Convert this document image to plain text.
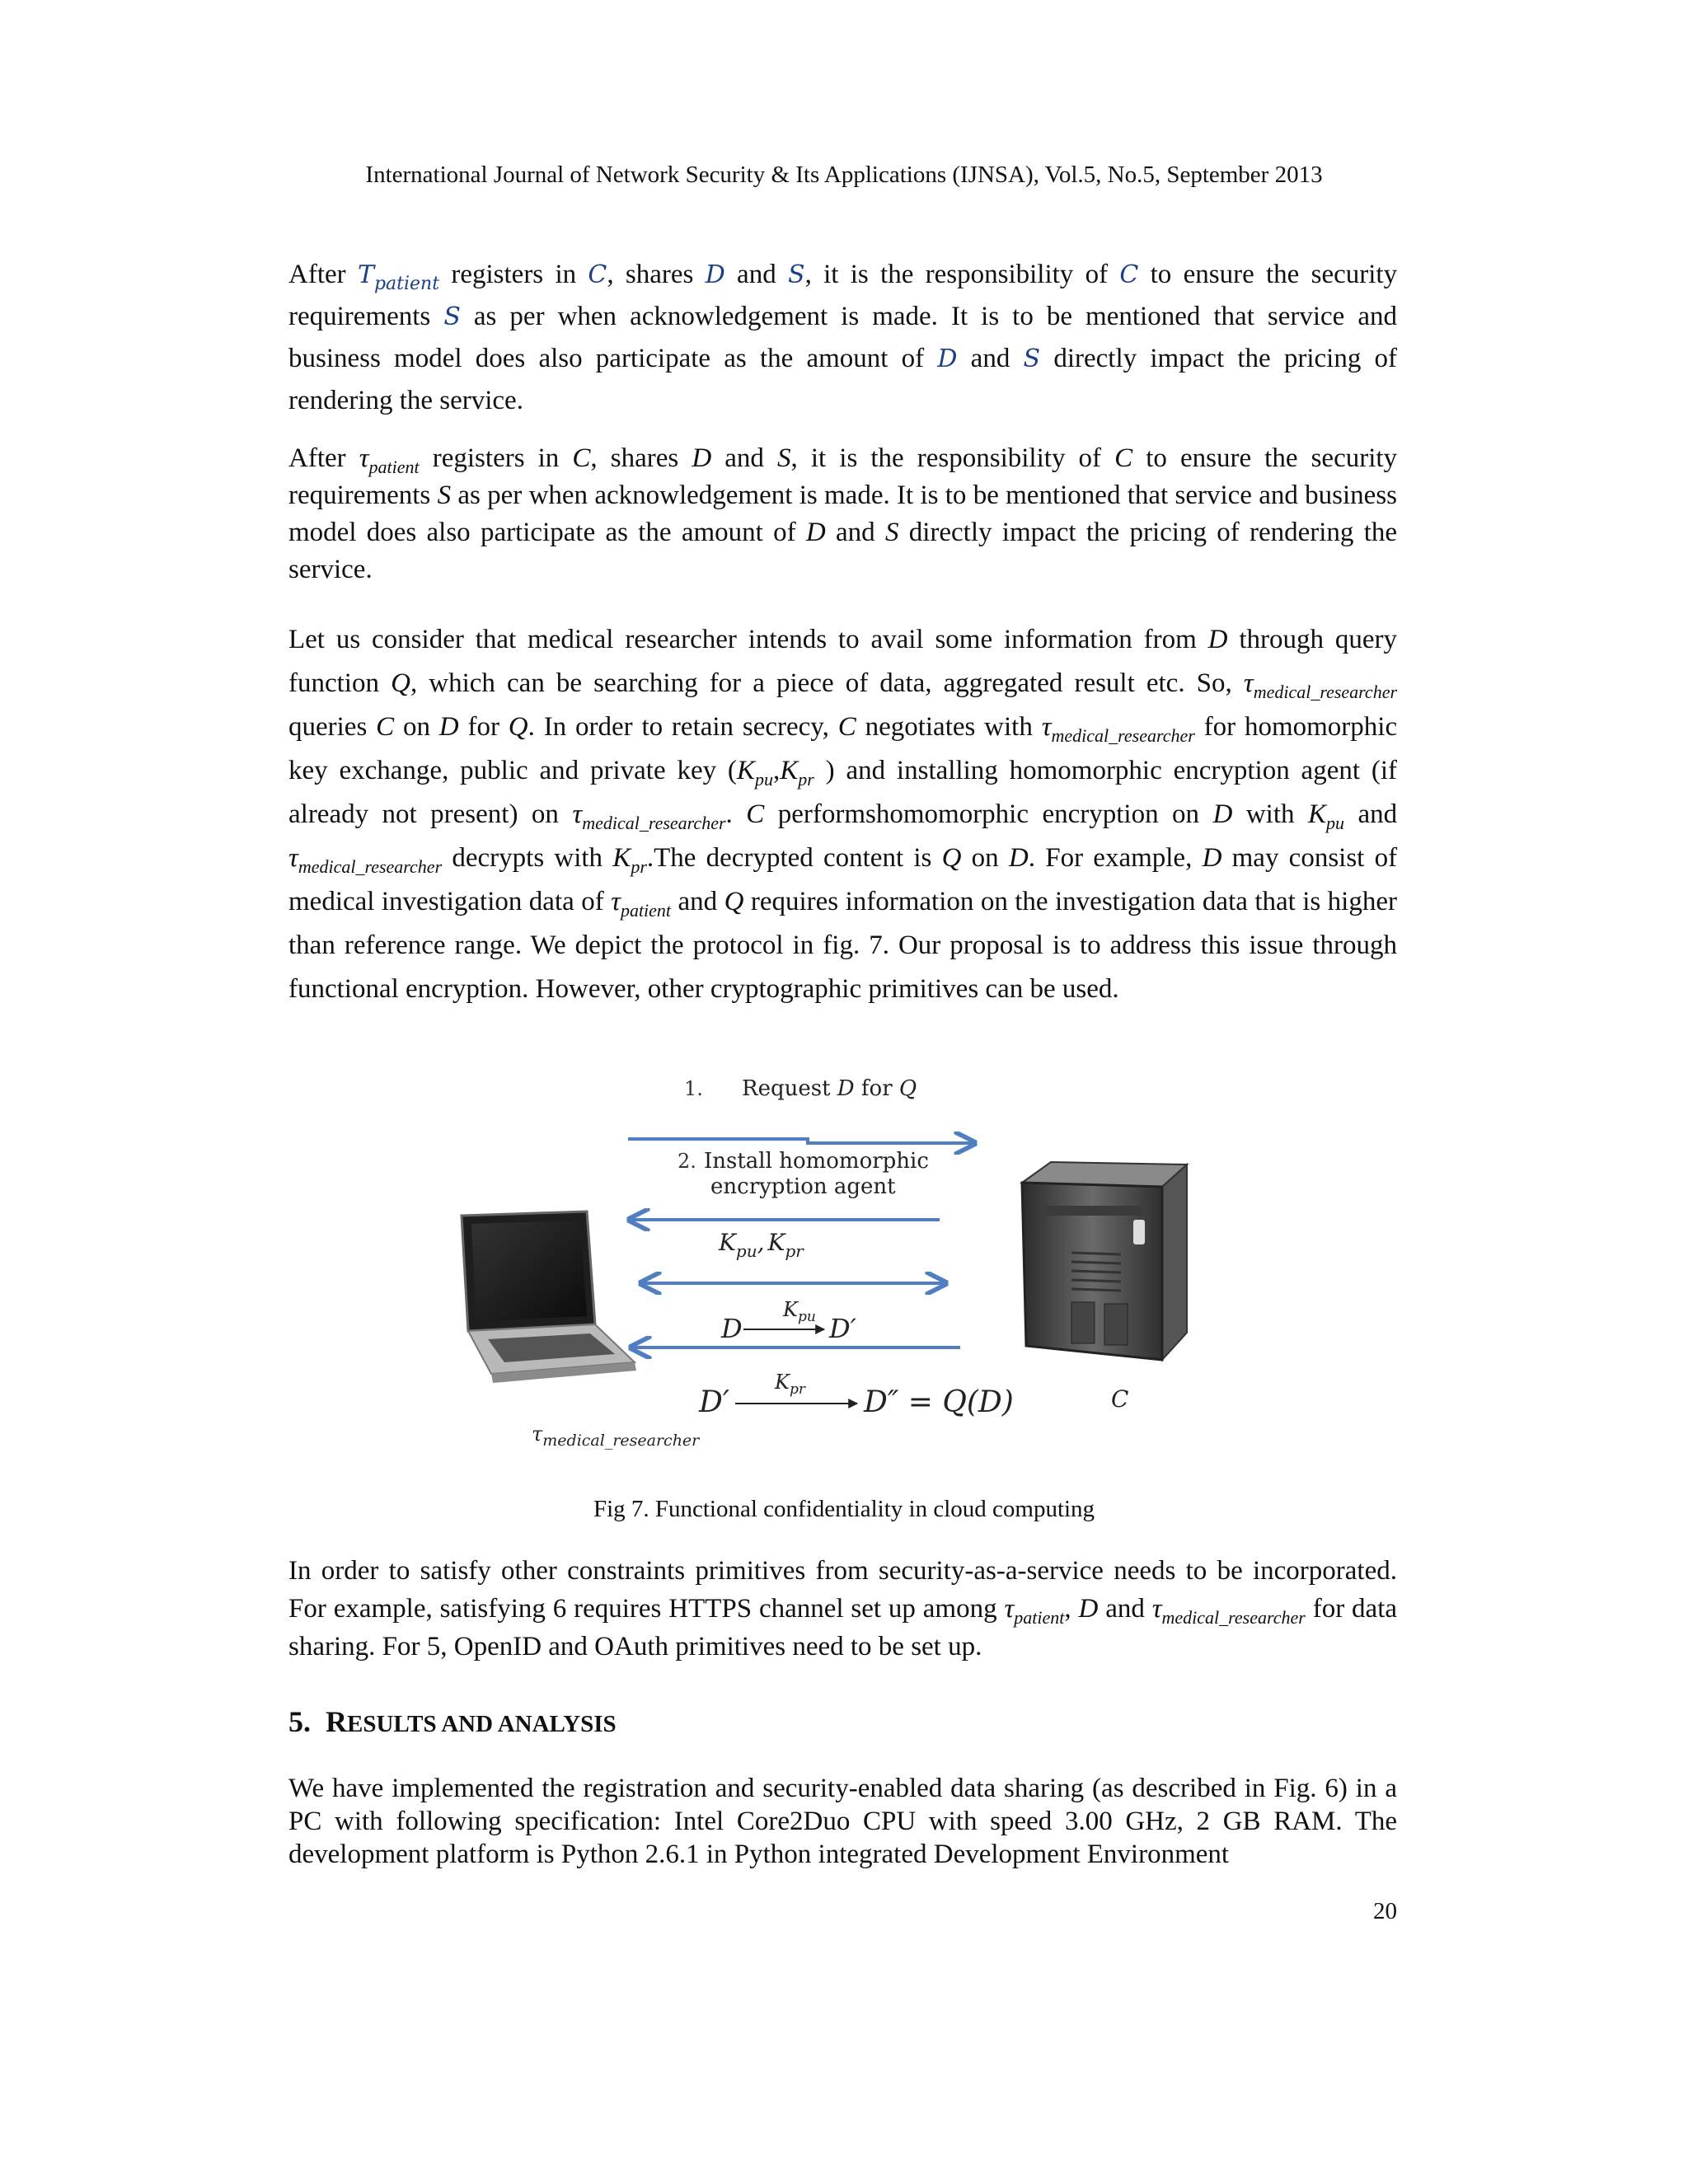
International Journal of Network Security & Its Applications (IJNSA), Vol.5, No.5, September 2013

After $T_{patient}$ registers in C, shares D and S, it is the responsibility of C to ensure the security requirements S as per when acknowledgement is made. It is to be mentioned that service and business model does also participate as the amount of D and S directly impact the pricing of rendering the service.

After $\tau_{patient}$ registers in C, shares D and S, it is the responsibility of C to ensure the security requirements S as per when acknowledgement is made. It is to be mentioned that service and business model does also participate as the amount of D and S directly impact the pricing of rendering the service.

Let us consider that medical researcher intends to avail some information from D through query function Q, which can be searching for a piece of data, aggregated result etc. So, $\tau_{medical\_researcher}$ queries C on D for Q. In order to retain secrecy, C negotiates with $\tau_{medical\_researcher}$ for homomorphic key exchange, public and private key ($K_{pu},K_{pr}$ ) and installing homomorphic encryption agent (if already not present) on $\tau_{medical\_researcher}$. C performshomomorphic encryption on D with $K_{pu}$ and $\tau_{medical\_researcher}$ decrypts with $K_{pr}.The$ decrypted content is Q on D. For example, D may consist of medical investigation data of $\tau_{patient}$ and Q requires information on the investigation data that is higher than reference range. We depict the protocol in fig. 7. Our proposal is to address this issue through functional encryption. However, other cryptographic primitives can be used.

1. Request D for Q
2. Install homomorphic
encryption agent
$K_{pu}$, $K_{pr}$
$K_{pu}$
D	D′
$K_{pr}$
D′	D″ = Q(D)	C
$\tau_{medical\_researcher}$
Fig 7. Functional confidentiality in cloud computing

In order to satisfy other constraints primitives from security-as-a-service needs to be incorporated. For example, satisfying 6 requires HTTPS channel set up among $\tau_{patient}$, D and $\tau_{medical\_researcher}$ for data sharing. For 5, OpenID and OAuth primitives need to be set up.

5. RESULTS AND ANALYSIS

We have implemented the registration and security-enabled data sharing (as described in Fig. 6) in a PC with following specification: Intel Core2Duo CPU with speed 3.00 GHz, 2 GB RAM. The development platform is Python 2.6.1 in Python integrated Development Environment

20
